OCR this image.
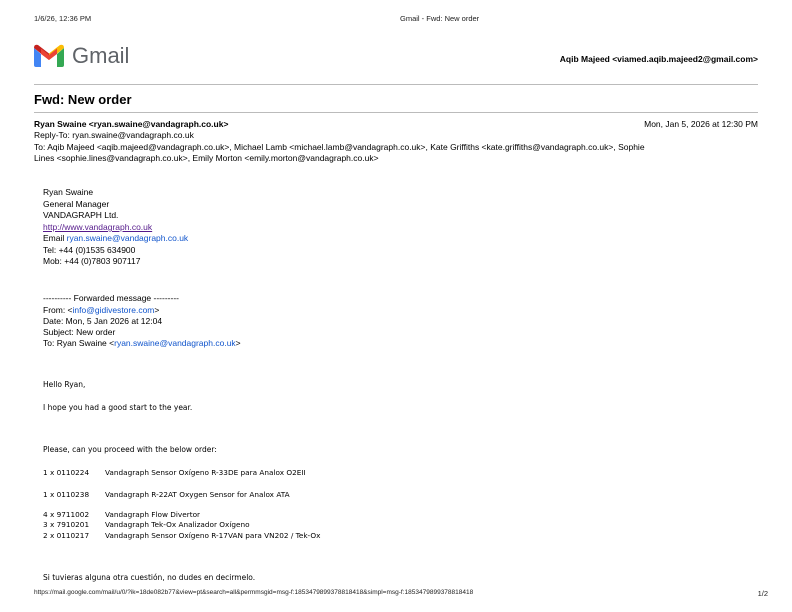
1/6/26, 12:36 PM	Gmail - Fwd: New order
Gmail	Aqib Majeed <viamed.aqib.majeed2@gmail.com>
Fwd: New order
Ryan Swaine <ryan.swaine@vandagraph.co.uk>	Mon, Jan 5, 2026 at 12:30 PM
Reply-To: ryan.swaine@vandagraph.co.uk
To: Aqib Majeed <aqib.majeed@vandagraph.co.uk>, Michael Lamb <michael.lamb@vandagraph.co.uk>, Kate Griffiths <kate.griffiths@vandagraph.co.uk>, Sophie
Lines <sophie.lines@vandagraph.co.uk>, Emily Morton <emily.morton@vandagraph.co.uk>
Ryan Swaine
General Manager
VANDAGRAPH Ltd.
http://www.vandagraph.co.uk
Email ryan.swaine@vandagraph.co.uk
Tel: +44 (0)1535 634900
Mob: +44 (0)7803 907117
---------- Forwarded message ---------
From: <info@gidivestore.com>
Date: Mon, 5 Jan 2026 at 12:04
Subject: New order
To: Ryan Swaine <ryan.swaine@vandagraph.co.uk>
Hello Ryan,
I hope you had a good start to the year.
Please, can you proceed with the below order:
1 x 0110224 Vandagraph Sensor Oxígeno R-33DE para Analox O2EII
1 x 0110238 Vandagraph R-22AT Oxygen Sensor for Analox ATA
4 x 9711002 Vandagraph Flow Divertor
3 x 7910201 Vandagraph Tek-Ox Analizador Oxígeno
2 x 0110217 Vandagraph Sensor Oxígeno R-17VAN para VN202 / Tek-Ox
Si tuvieras alguna otra cuestión, no dudes en decirmelo.
https://mail.google.com/mail/u/0/?ik=18de082b77&view=pt&search=all&permmsgid=msg-f:1853479899378818418&simpl=msg-f:1853479899378818418	1/2
